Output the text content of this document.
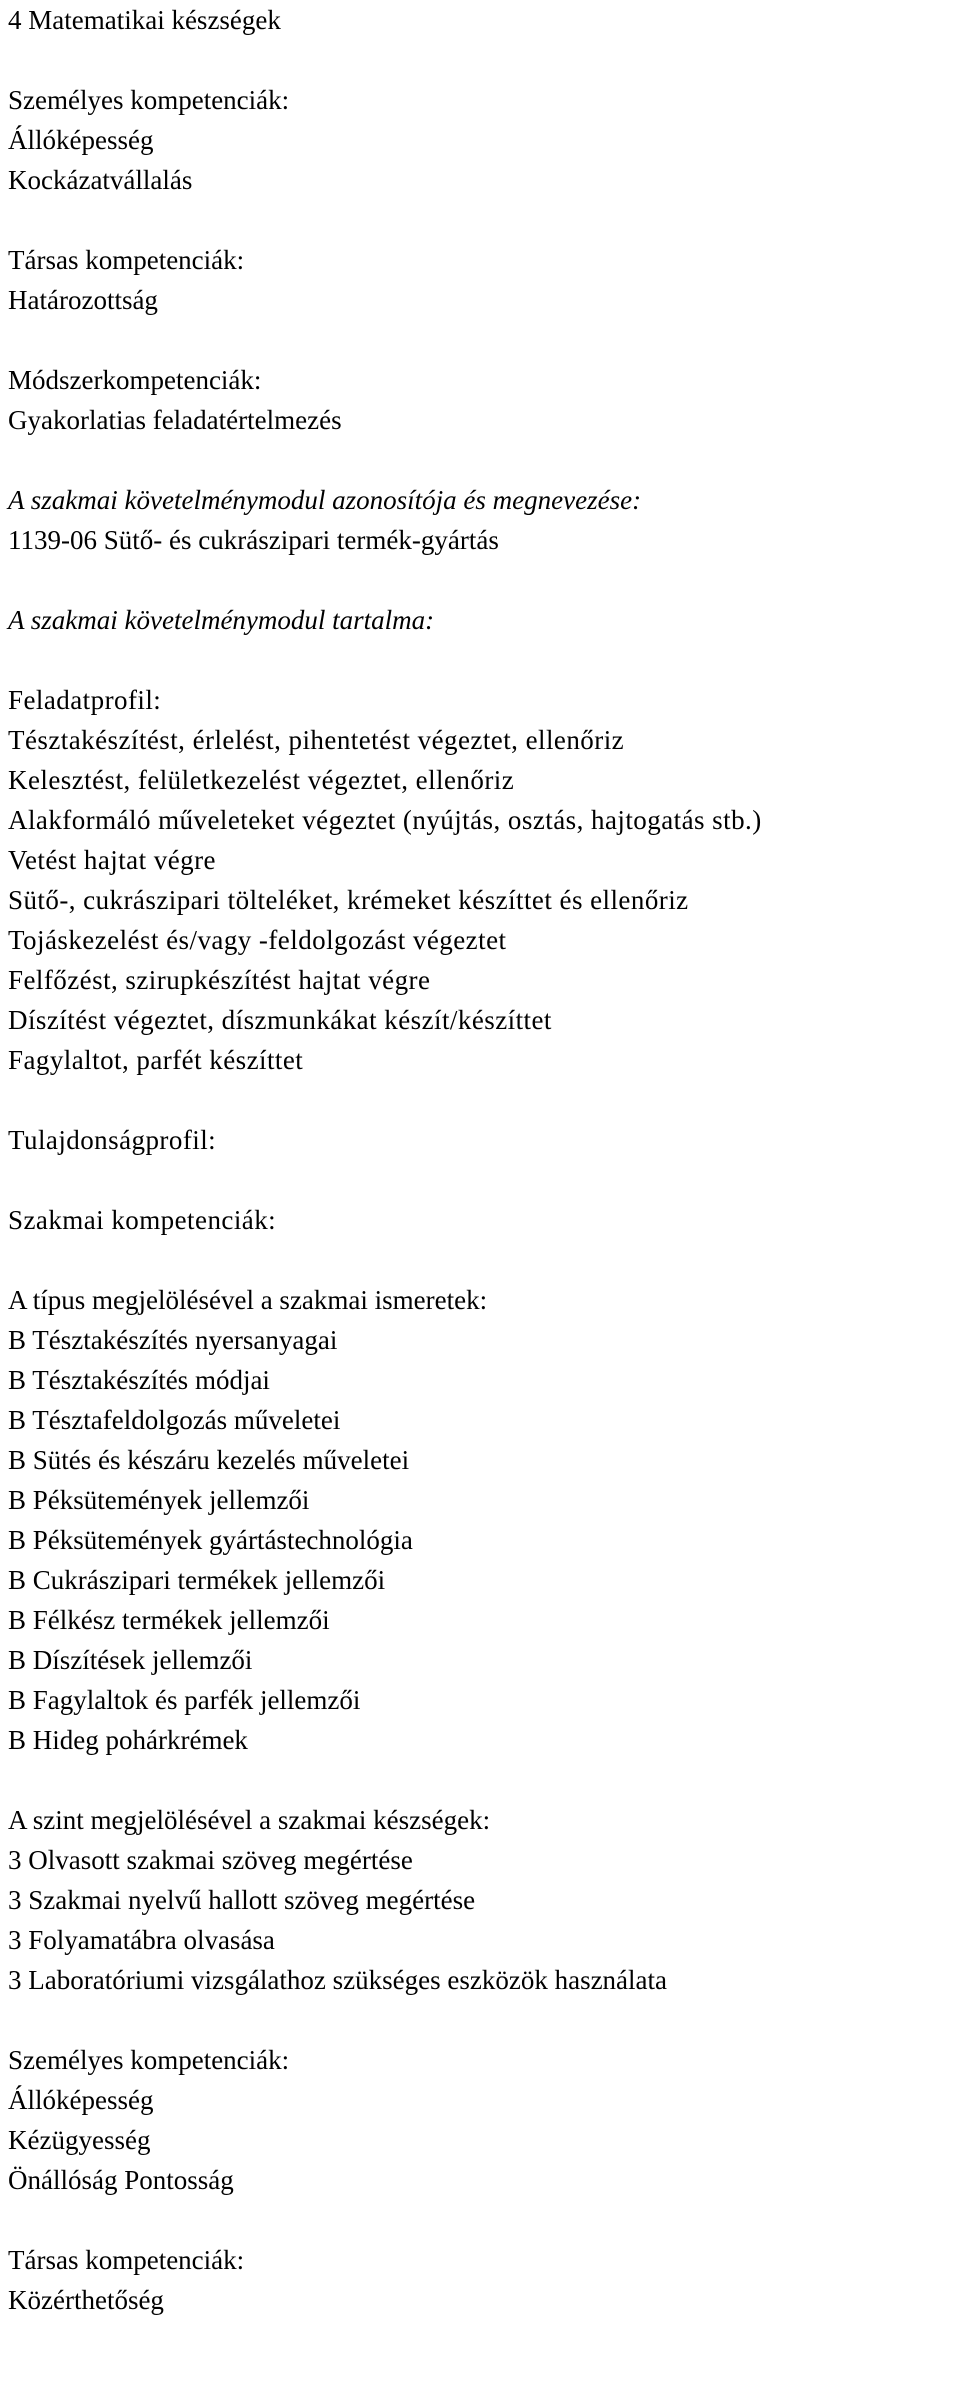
4 Matematikai készségek
Személyes kompetenciák:
Állóképesség
Kockázatvállalás
Társas kompetenciák:
Határozottság
Módszerkompetenciák:
Gyakorlatias feladatértelmezés
A szakmai követelménymodul azonosítója és megnevezése:
1139-06 Sütő- és cukrászipari termék-gyártás
A szakmai követelménymodul tartalma:
Feladatprofil:
Tésztakészítést, érlelést, pihentetést végeztet, ellenőriz
Kelesztést, felületkezelést végeztet, ellenőriz
Alakformáló műveleteket végeztet (nyújtás, osztás, hajtogatás stb.)
Vetést hajtat végre
Sütő-, cukrászipari tölteléket, krémeket készíttet és ellenőriz
Tojáskezelést és/vagy -feldolgozást végeztet
Felfőzést, szirupkészítést hajtat végre
Díszítést végeztet, díszmunkákat készít/készíttet
Fagylaltot, parfét készíttet
Tulajdonságprofil:
Szakmai kompetenciák:
A típus megjelölésével a szakmai ismeretek:
B Tésztakészítés nyersanyagai
B Tésztakészítés módjai
B Tésztafeldolgozás műveletei
B Sütés és készáru kezelés műveletei
B Péksütemények jellemzői
B Péksütemények gyártástechnológia
B Cukrászipari termékek jellemzői
B Félkész termékek jellemzői
B Díszítések jellemzői
B Fagylaltok és parfék jellemzői
B Hideg pohárkrémek
A szint megjelölésével a szakmai készségek:
3 Olvasott szakmai szöveg megértése
3 Szakmai nyelvű hallott szöveg megértése
3 Folyamatábra olvasása
3 Laboratóriumi vizsgálathoz szükséges eszközök használata
Személyes kompetenciák:
Állóképesség
Kézügyesség
Önállóság Pontosság
Társas kompetenciák:
Közérthetőség
